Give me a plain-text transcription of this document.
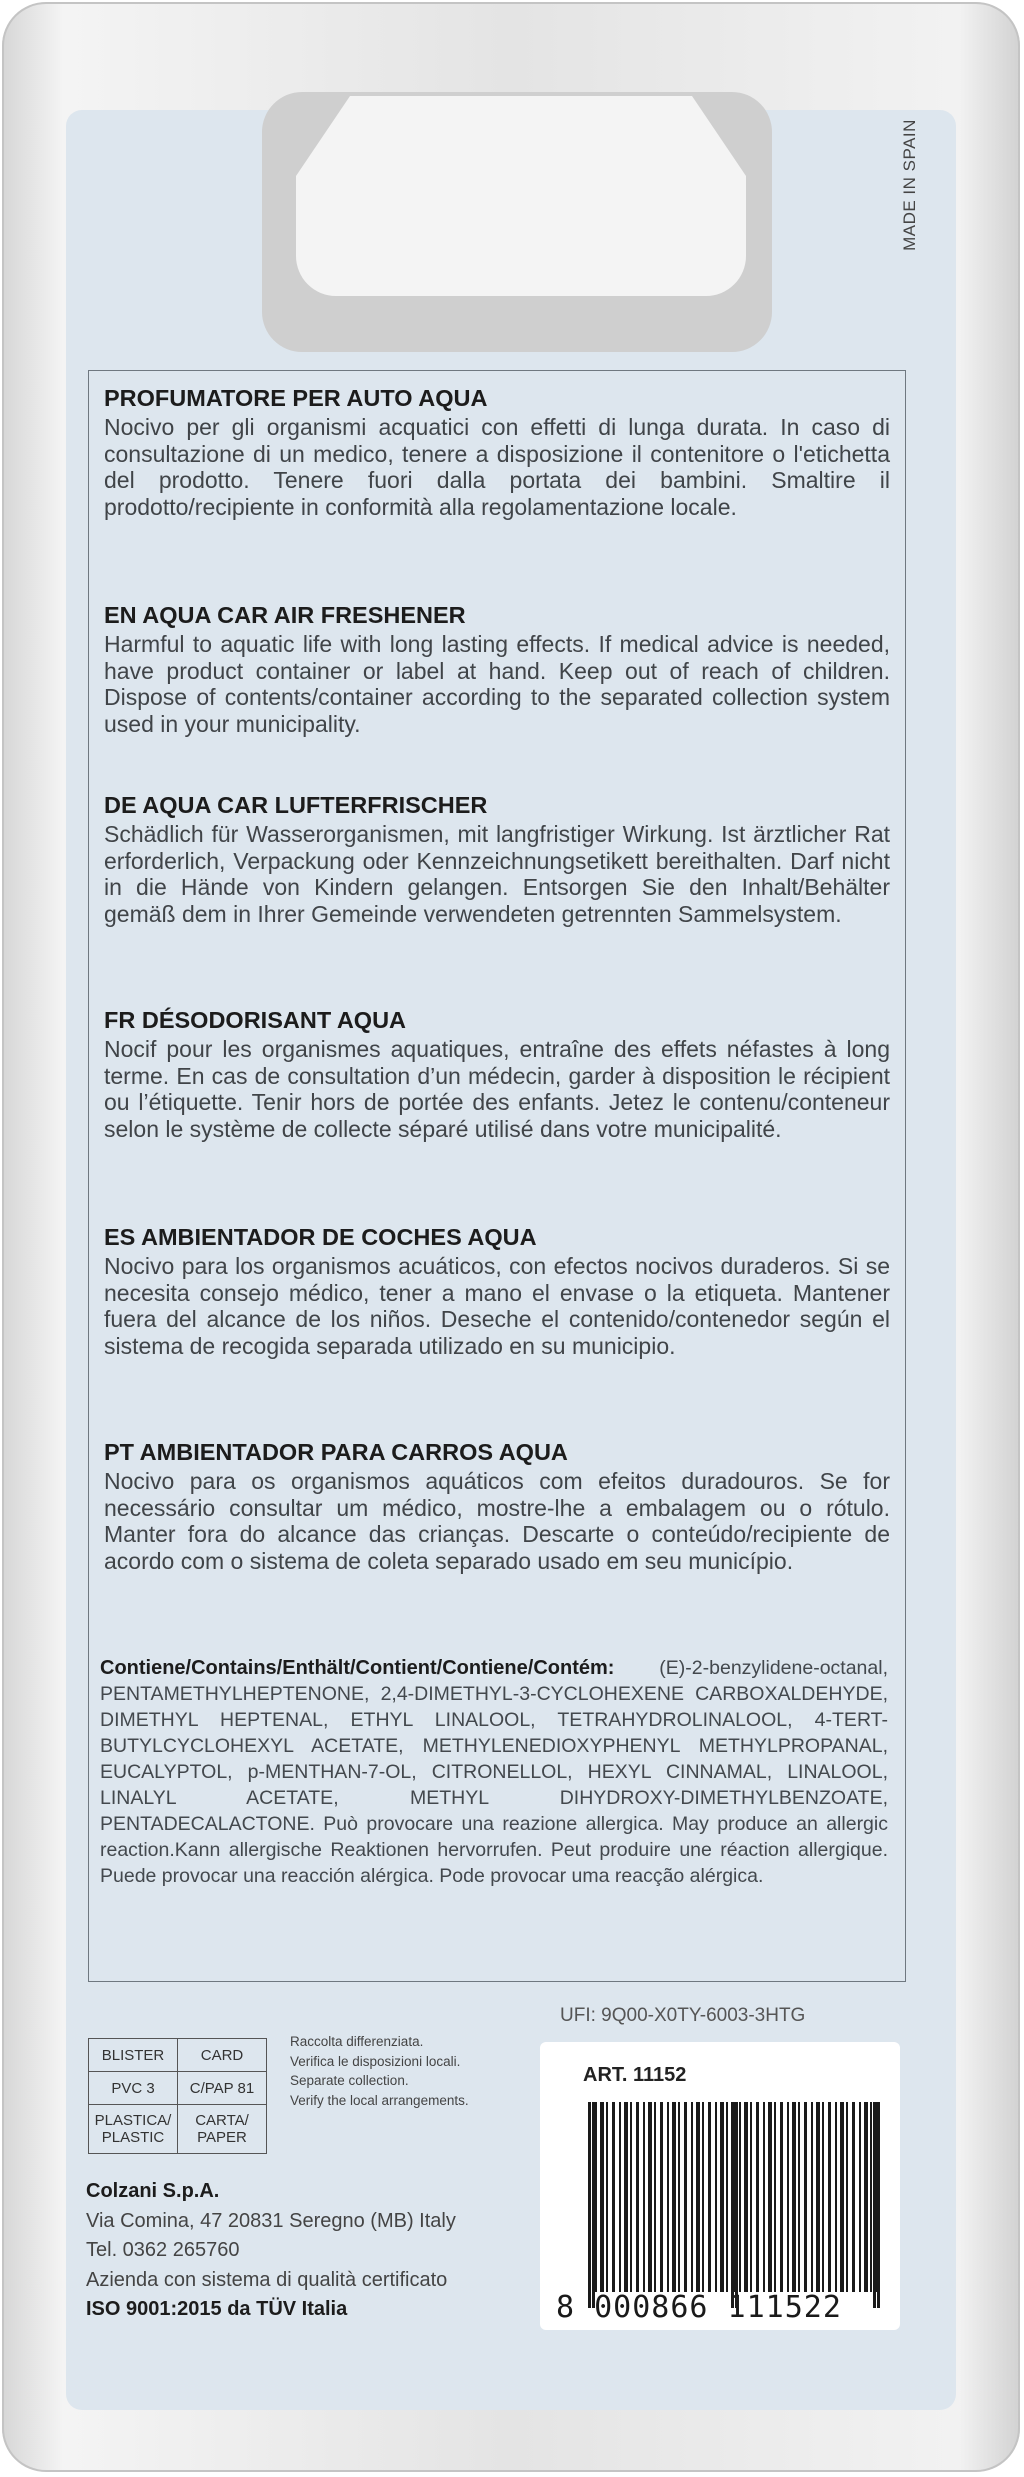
MADE IN SPAIN
PROFUMATORE PER AUTO AQUA

Nocivo per gli organismi acquatici con effetti di lunga durata. In caso di consultazione di un medico, tenere a disposizione il contenitore o l'etichetta del prodotto. Tenere fuori dalla portata dei bambini. Smaltire il prodotto/recipiente in conformità alla regolamentazione locale.

EN AQUA CAR AIR FRESHENER

Harmful to aquatic life with long lasting effects. If medical advice is needed, have product container or label at hand. Keep out of reach of children. Dispose of contents/container according to the separated collection system used in your municipality.

DE AQUA CAR LUFTERFRISCHER

Schädlich für Wasserorganismen, mit langfristiger Wirkung. Ist ärztlicher Rat erforderlich, Verpackung oder Kennzeichnungsetikett bereithalten. Darf nicht in die Hände von Kindern gelangen. Entsorgen Sie den Inhalt/Behälter gemäß dem in Ihrer Gemeinde verwendeten getrennten Sammelsystem.

FR DÉSODORISANT AQUA

Nocif pour les organismes aquatiques, entraîne des effets néfastes à long terme. En cas de consultation d’un médecin, garder à disposition le récipient ou l’étiquette. Tenir hors de portée des enfants. Jetez le contenu/conteneur selon le système de collecte séparé utilisé dans votre municipalité.

ES AMBIENTADOR DE COCHES AQUA

Nocivo para los organismos acuáticos, con efectos nocivos duraderos. Si se necesita consejo médico, tener a mano el envase o la etiqueta. Mantener fuera del alcance de los niños. Deseche el contenido/contenedor según el sistema de recogida separada utilizado en su municipio.

PT AMBIENTADOR PARA CARROS AQUA

Nocivo para os organismos aquáticos com efeitos duradouros. Se for necessário consultar um médico, mostre-lhe a embalagem ou o rótulo. Manter fora do alcance das crianças. Descarte o conteúdo/recipiente de acordo com o sistema de coleta separado usado em seu município.

Contiene/Contains/Enthält/Contient/Contiene/Contém: (E)-2-benzylidene-octanal, PENTAMETHYLHEPTENONE, 2,4-DIMETHYL-3-CYCLOHEXENE CARBOXALDEHYDE, DIMETHYL HEPTENAL, ETHYL LINALOOL, TETRAHYDROLINALOOL, 4-TERT-BUTYLCYCLOHEXYL ACETATE, METHYLENEDIOXYPHENYL METHYLPROPANAL, EUCALYPTOL, p-MENTHAN-7-OL, CITRONELLOL, HEXYL CINNAMAL, LINALOOL, LINALYL ACETATE, METHYL DIHYDROXY-DIMETHYLBENZOATE, PENTADECALACTONE. Può provocare una reazione allergica. May produce an allergic reaction.Kann allergische Reaktionen hervorrufen. Peut produire une réaction allergique. Puede provocar una reacción alérgica. Pode provocar uma reacção alérgica.
UFI: 9Q00-X0TY-6003-3HTG
BLISTER	CARD
PVC 3	C/PAP 81
PLASTICA/ PLASTIC	CARTA/ PAPER
Raccolta differenziata.
Verifica le disposizioni locali.
Separate collection.
Verify the local arrangements.
Colzani S.p.A.
Via Comina, 47 20831 Seregno (MB) Italy
Tel. 0362 265760
Azienda con sistema di qualità certificato
ISO 9001:2015 da TÜV Italia
ART. 11152
8 000866 111522
